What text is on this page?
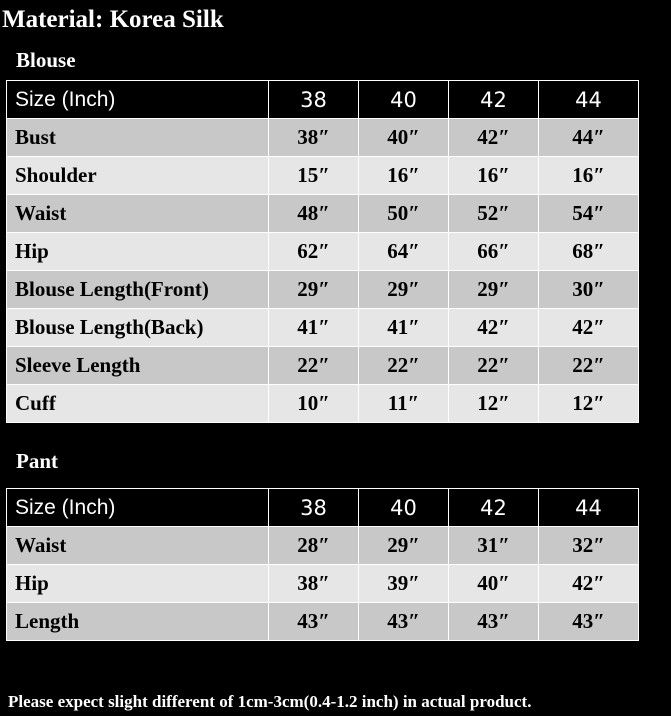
Material: Korea Silk
Blouse
Size (Inch)	38	40	42	44
Bust	38″	40″	42″	44″
Shoulder	15″	16″	16″	16″
Waist	48″	50″	52″	54″
Hip	62″	64″	66″	68″
Blouse Length(Front)	29″	29″	29″	30″
Blouse Length(Back)	41″	41″	42″	42″
Sleeve Length	22″	22″	22″	22″
Cuff	10″	11″	12″	12″
Pant
Size (Inch)	38	40	42	44
Waist	28″	29″	31″	32″
Hip	38″	39″	40″	42″
Length	43″	43″	43″	43″
Please expect slight different of 1cm-3cm(0.4-1.2 inch) in actual product.
